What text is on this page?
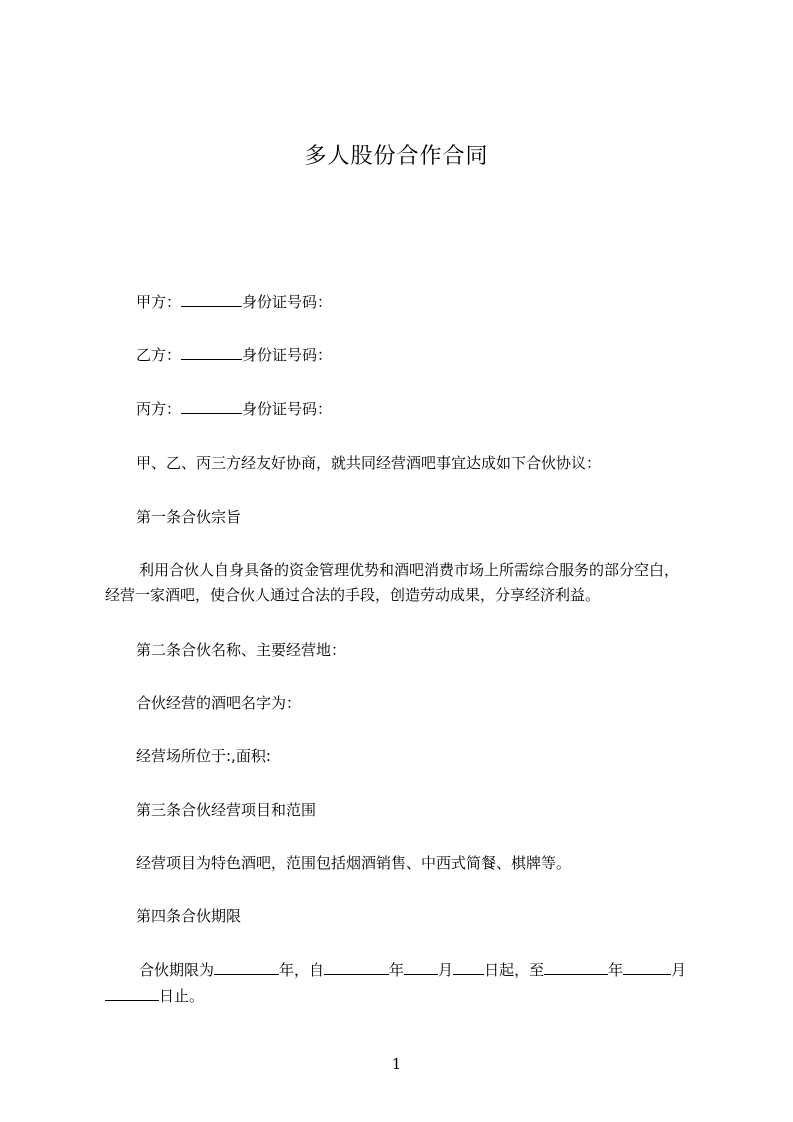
多人股份合作合同
甲方：	身份证号码：
乙方：	身份证号码：
丙方：	身份证号码：
甲、乙、丙三方经友好协商，就共同经营酒吧事宜达成如下合伙协议：
第一条合伙宗旨
利用合伙人自身具备的资金管理优势和酒吧消费市场上所需综合服务的部分空白，
经营一家酒吧，使合伙人通过合法的手段，创造劳动成果，分享经济利益。
第二条合伙名称、主要经营地：
合伙经营的酒吧名字为：
经营场所位于:,面积:
第三条合伙经营项目和范围
经营项目为特色酒吧，范围包括烟酒销售、中西式简餐、棋牌等。
第四条合伙期限
合伙期限为	年，自	年 月 日起，至	年	月
日止。
1
